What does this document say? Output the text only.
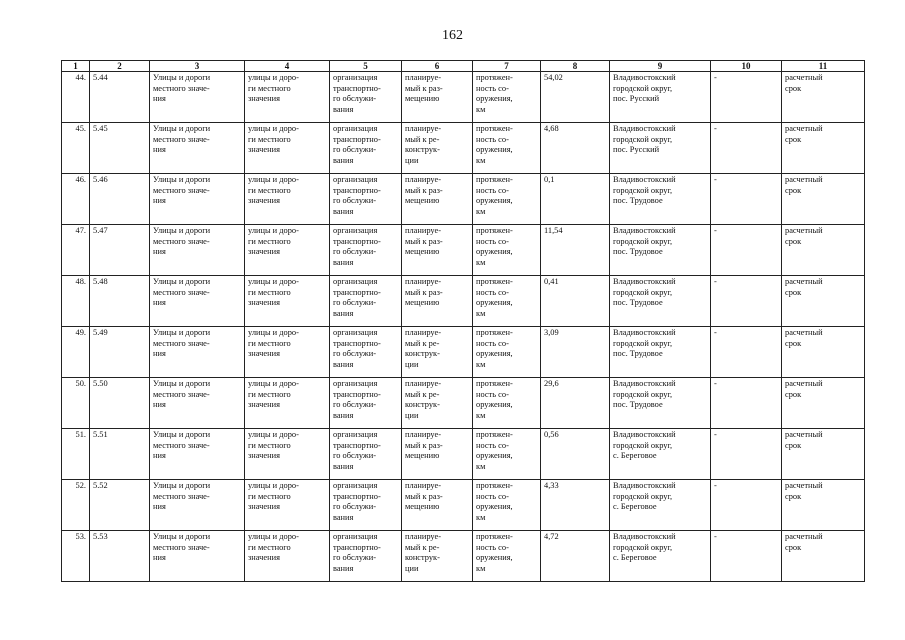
162
1	2	3	4	5	6	7	8	9	10	11
44.	5.44	Улицы и дороги
местного значе-
ния	улицы и доро-
ги местного
значения	организация
транспортно-
го обслужи-
вания	планируе-
мый к раз-
мещению	протяжен-
ность со-
оружения,
км	54,02	Владивостокский
городской округ,
пос. Русский	-	расчетный
срок
45.	5.45	Улицы и дороги
местного значе-
ния	улицы и доро-
ги местного
значения	организация
транспортно-
го обслужи-
вания	планируе-
мый к ре-
конструк-
ции	протяжен-
ность со-
оружения,
км	4,68	Владивостокский
городской округ,
пос. Русский	-	расчетный
срок
46.	5.46	Улицы и дороги
местного значе-
ния	улицы и доро-
ги местного
значения	организация
транспортно-
го обслужи-
вания	планируе-
мый к раз-
мещению	протяжен-
ность со-
оружения,
км	0,1	Владивостокский
городской округ,
пос. Трудовое	-	расчетный
срок
47.	5.47	Улицы и дороги
местного значе-
ния	улицы и доро-
ги местного
значения	организация
транспортно-
го обслужи-
вания	планируе-
мый к раз-
мещению	протяжен-
ность со-
оружения,
км	11,54	Владивостокский
городской округ,
пос. Трудовое	-	расчетный
срок
48.	5.48	Улицы и дороги
местного значе-
ния	улицы и доро-
ги местного
значения	организация
транспортно-
го обслужи-
вания	планируе-
мый к раз-
мещению	протяжен-
ность со-
оружения,
км	0,41	Владивостокский
городской округ,
пос. Трудовое	-	расчетный
срок
49.	5.49	Улицы и дороги
местного значе-
ния	улицы и доро-
ги местного
значения	организация
транспортно-
го обслужи-
вания	планируе-
мый к ре-
конструк-
ции	протяжен-
ность со-
оружения,
км	3,09	Владивостокский
городской округ,
пос. Трудовое	-	расчетный
срок
50.	5.50	Улицы и дороги
местного значе-
ния	улицы и доро-
ги местного
значения	организация
транспортно-
го обслужи-
вания	планируе-
мый к ре-
конструк-
ции	протяжен-
ность со-
оружения,
км	29,6	Владивостокский
городской округ,
пос. Трудовое	-	расчетный
срок
51.	5.51	Улицы и дороги
местного значе-
ния	улицы и доро-
ги местного
значения	организация
транспортно-
го обслужи-
вания	планируе-
мый к раз-
мещению	протяжен-
ность со-
оружения,
км	0,56	Владивостокский
городской округ,
с. Береговое	-	расчетный
срок
52.	5.52	Улицы и дороги
местного значе-
ния	улицы и доро-
ги местного
значения	организация
транспортно-
го обслужи-
вания	планируе-
мый к раз-
мещению	протяжен-
ность со-
оружения,
км	4,33	Владивостокский
городской округ,
с. Береговое	-	расчетный
срок
53.	5.53	Улицы и дороги
местного значе-
ния	улицы и доро-
ги местного
значения	организация
транспортно-
го обслужи-
вания	планируе-
мый к ре-
конструк-
ции	протяжен-
ность со-
оружения,
км	4,72	Владивостокский
городской округ,
с. Береговое	-	расчетный
срок
